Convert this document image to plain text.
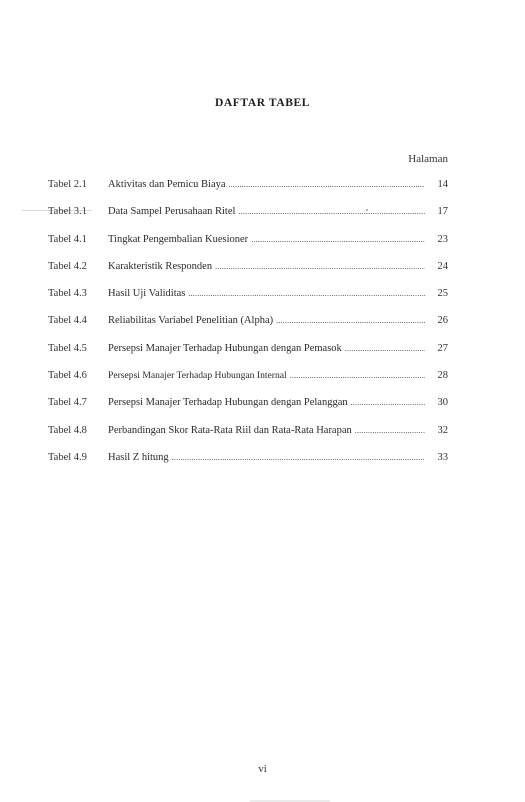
DAFTAR TABEL
Halaman
Tabel 2.1	Aktivitas dan Pemicu Biaya .....	14
Tabel 3.1	Data Sampel Perusahaan Ritel .....	17
Tabel 4.1	Tingkat Pengembalian Kuesioner .....	23
Tabel 4.2	Karakteristik Responden .....	24
Tabel 4.3	Hasil Uji Validitas .....	25
Tabel 4.4	Reliabilitas Variabel Penelitian (Alpha) .....	26
Tabel 4.5	Persepsi Manajer Terhadap Hubungan dengan Pemasok .....	27
Tabel 4.6	Persepsi Manajer Terhadap Hubungan Internal .....	28
Tabel 4.7	Persepsi Manajer Terhadap Hubungan dengan Pelanggan .....	30
Tabel 4.8	Perbandingan Skor Rata-Rata Riil dan Rata-Rata Harapan .....	32
Tabel 4.9	Hasil Z hitung .....	33
vi
